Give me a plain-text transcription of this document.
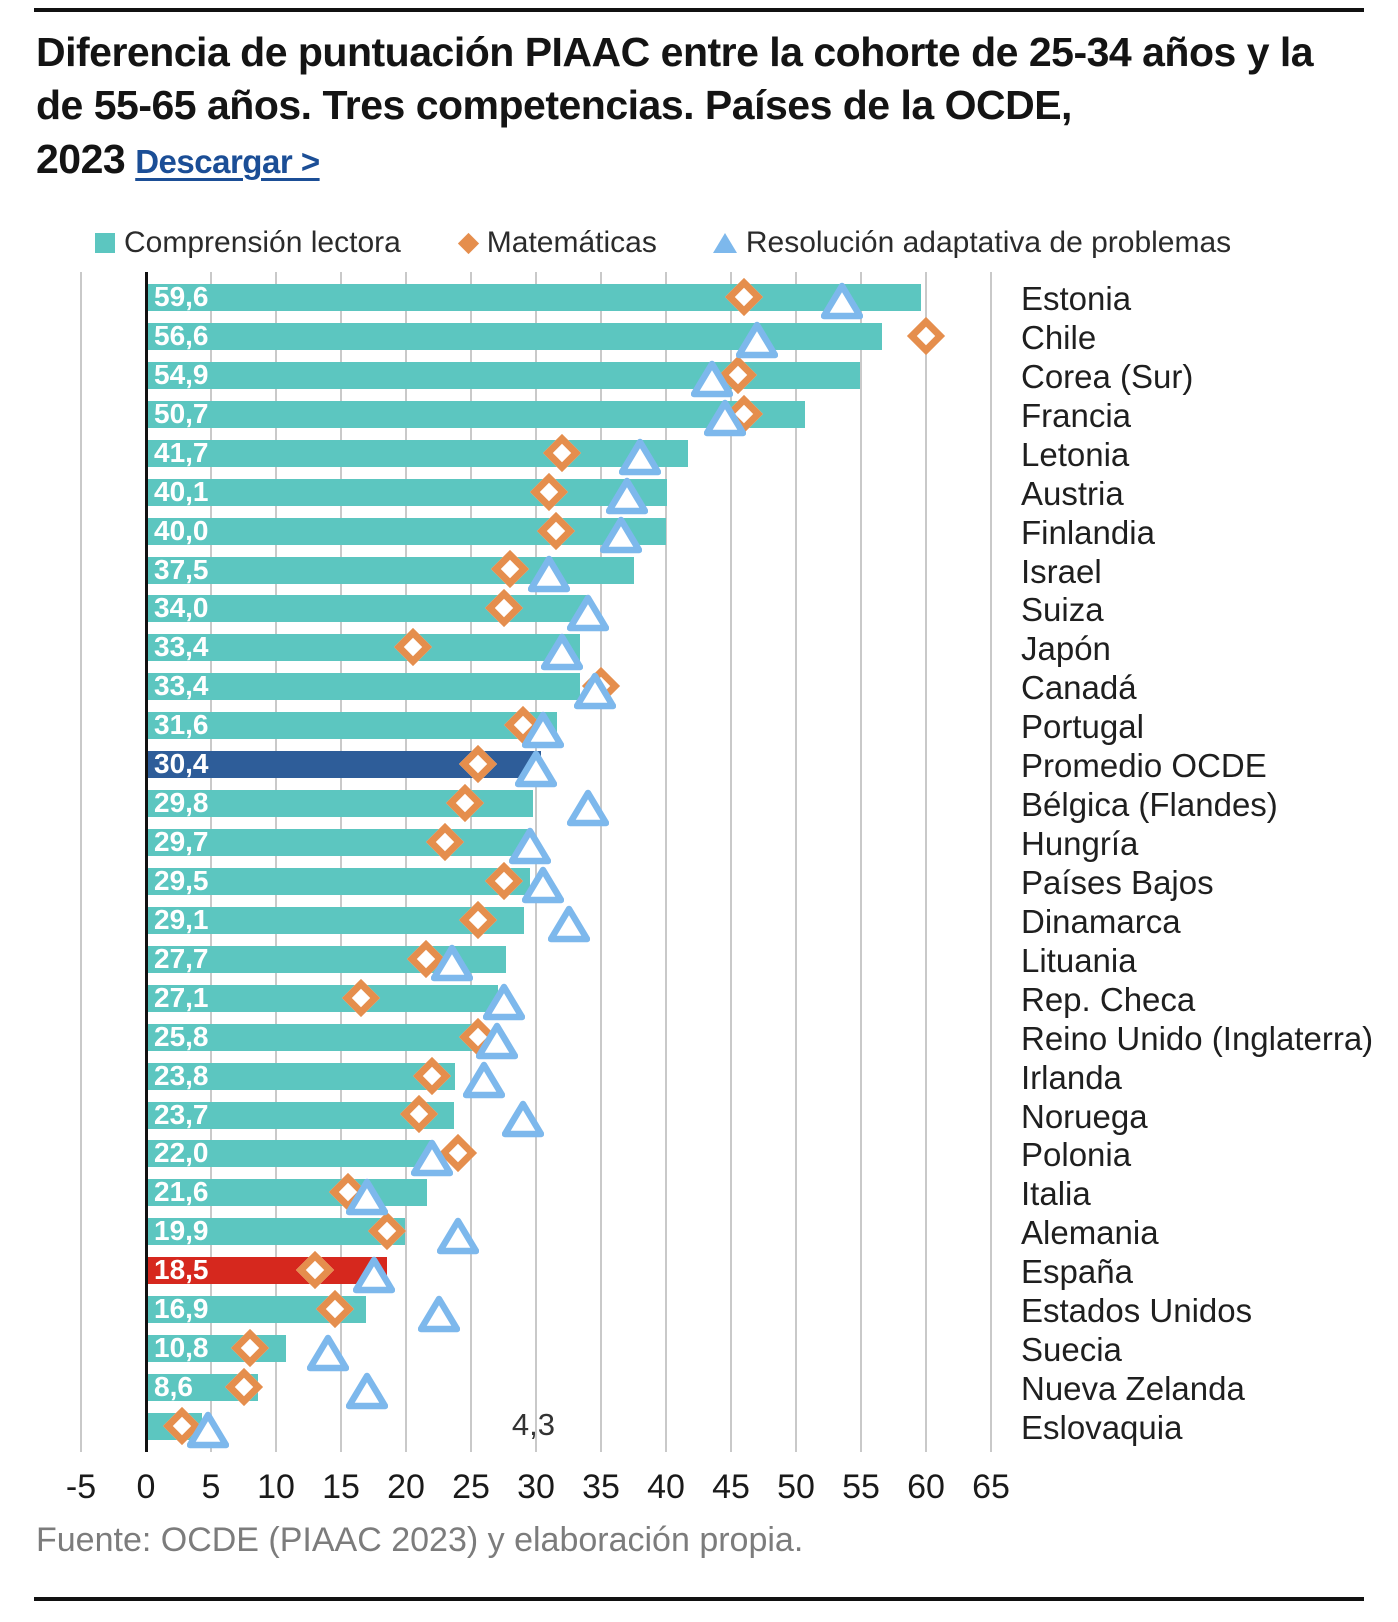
Diferencia de puntuación PIAAC entre la cohorte de 25-34 años y la de 55-65 años. Tres competencias. Países de la OCDE, 2023 Descargar >
Comprensión lectora	Matemáticas	Resolución adaptativa de problemas
59,6	Estonia
56,6	Chile
54,9	Corea (Sur)
50,7	Francia
41,7	Letonia
40,1	Austria
40,0	Finlandia
37,5	Israel
34,0	Suiza
33,4	Japón
33,4	Canadá
31,6	Portugal
30,4	Promedio OCDE
29,8	Bélgica (Flandes)
29,7	Hungría
29,5	Países Bajos
29,1	Dinamarca
27,7	Lituania
27,1	Rep. Checa
25,8	Reino Unido (Inglaterra)
23,8	Irlanda
23,7	Noruega
22,0	Polonia
21,6	Italia
19,9	Alemania
18,5	España
16,9	Estados Unidos
10,8	Suecia
8,6	Nueva Zelanda
4,3	Eslovaquia
-5 0 5 10 15 20 25 30 35 40 45 50 55 60 65

Fuente: OCDE (PIAAC 2023) y elaboración propia.
